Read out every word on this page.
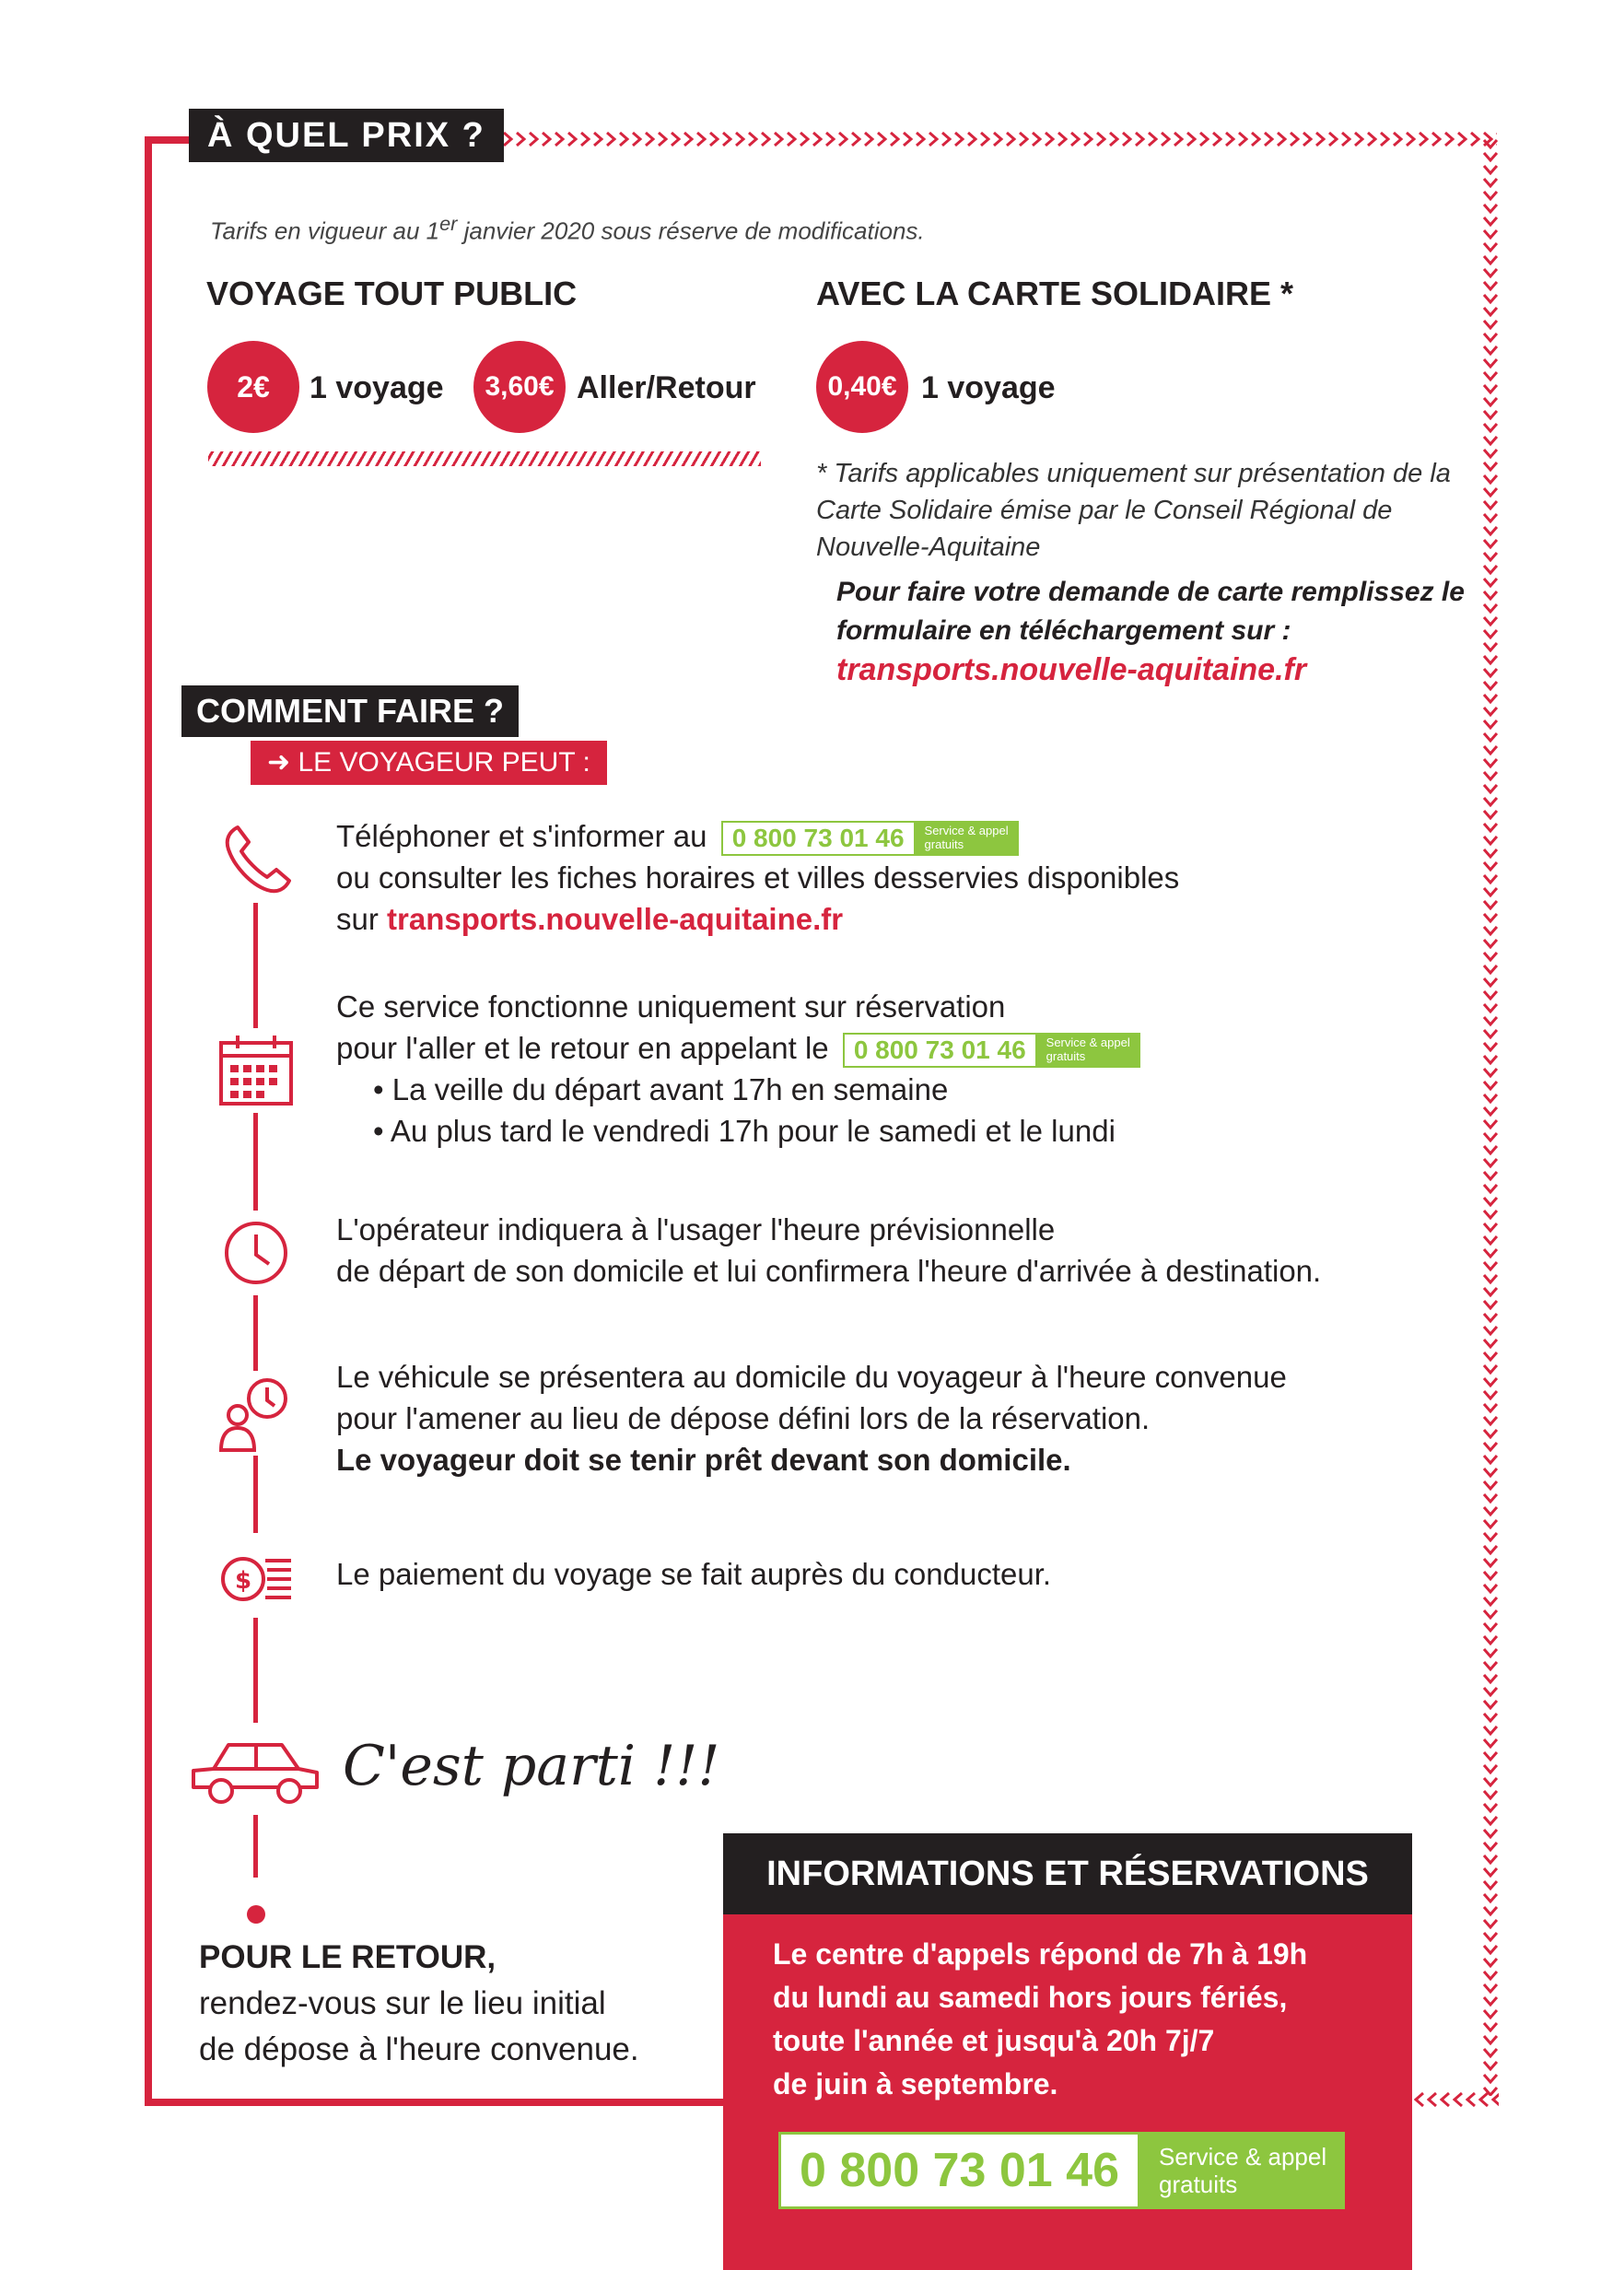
À QUEL PRIX ?
Tarifs en vigueur au 1er janvier 2020 sous réserve de modifications.
VOYAGE TOUT PUBLIC
2€	1 voyage	3,60€ Aller/Retour
AVEC LA CARTE SOLIDAIRE *
0,40€ 1 voyage
* Tarifs applicables uniquement sur présentation de la Carte Solidaire émise par le Conseil Régional de Nouvelle-Aquitaine
Pour faire votre demande de carte remplissez le formulaire en téléchargement sur : transports.nouvelle-aquitaine.fr
COMMENT FAIRE ?
➜ LE VOYAGEUR PEUT :
Téléphoner et s'informer au 0 800 73 01 46	Service & appel gratuits
ou consulter les fiches horaires et villes desservies disponibles
sur transports.nouvelle-aquitaine.fr
Ce service fonctionne uniquement sur réservation
pour l'aller et le retour en appelant le 0 800 73 01 46	Service & appel gratuits
• La veille du départ avant 17h en semaine
• Au plus tard le vendredi 17h pour le samedi et le lundi
L'opérateur indiquera à l'usager l'heure prévisionnelle
de départ de son domicile et lui confirmera l'heure d'arrivée à destination.
Le véhicule se présentera au domicile du voyageur à l'heure convenue
pour l'amener au lieu de dépose défini lors de la réservation.
Le voyageur doit se tenir prêt devant son domicile.
$	Le paiement du voyage se fait auprès du conducteur.
C'est parti !!!
POUR LE RETOUR,
rendez-vous sur le lieu initial
de dépose à l'heure convenue.
INFORMATIONS ET RÉSERVATIONS
Le centre d'appels répond de 7h à 19h
du lundi au samedi hors jours fériés,
toute l'année et jusqu'à 20h 7j/7
de juin à septembre.
0 800 73 01 46	Service & appel
gratuits
